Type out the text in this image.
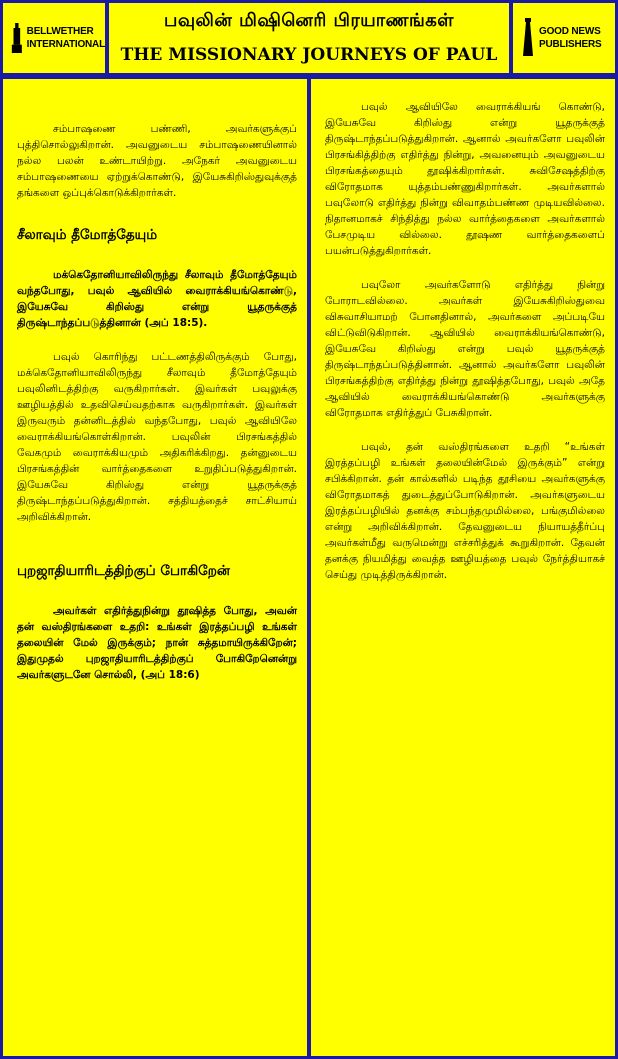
BELLWETHER
INTERNATIONAL
பவுலின் மிஷினெரி பிரயாணங்கள்
THE MISSIONARY JOURNEYS OF PAUL
GOOD NEWS
PUBLISHERS

சம்பாஷணை பண்ணி, அவர்களுக்குப் புத்திசொல்லுகிறான். அவனுடைய சம்பாஷணையினால் நல்ல பலன் உண்டாயிற்று. அநேகர் அவனுடைய சம்பாஷணையை ஏற்றுக்கொண்டு, இயேசுகிறிஸ்துவுக்குத் தங்களை ஒப்புக்கொடுக்கிறார்கள்.

சீலாவும் தீமோத்தேயும்

மக்கெதோனியாவிலிருந்து சீலாவும் தீமோத்தேயும் வந்தபோது, பவுல் ஆவியில் வைராக்கியங்கொண்டு, இயேசுவே கிறிஸ்து என்று யூதருக்குத் திருஷ்டாந்தப்படுத்தினான் (அப் 18:5).

பவுல் கொரிந்து பட்டணத்திலிருக்கும் போது, மக்கெதோனியாவிலிருந்து சீலாவும் தீமோத்தேயும் பவுலினிடத்திற்கு வருகிறார்கள். இவர்கள் பவுலுக்கு ஊழியத்தில் உதவிசெய்வதற்காக வருகிறார்கள். இவர்கள் இருவரும் தன்னிடத்தில் வந்தபோது, பவுல் ஆவியிலே வைராக்கியங்கொள்கிறான். பவுலின் பிரசங்கத்தில் வேகமும் வைராக்கியமும் அதிகரிக்கிறது. தன்னுடைய பிரசங்கத்தின் வார்த்தைகளை உறுதிப்படுத்துகிறான். இயேசுவே கிறிஸ்து என்று யூதருக்குத் திருஷ்டாந்தப்படுத்துகிறான். சத்தியத்தைச் சாட்சியாய் அறிவிக்கிறான்.

புறஜாதியாரிடத்திற்குப் போகிறேன்

அவர்கள் எதிர்த்துநின்று தூஷித்த போது, அவன் தன் வஸ்திரங்களை உதறி: உங்கள் இரத்தப்பழி உங்கள் தலையின் மேல் இருக்கும்; நான் சுத்தமாயிருக்கிறேன்; இதுமுதல் புறஜாதியாரிடத்திற்குப் போகிறேனென்று அவர்களுடனே சொல்லி, (அப் 18:6)

பவுல் ஆவியிலே வைராக்கியங் கொண்டு, இயேசுவே கிறிஸ்து என்று யூதருக்குத் திருஷ்டாந்தப்படுத்துகிறான். ஆனால் அவர்களோ பவுலின் பிரசங்கித்திற்கு எதிர்த்து நின்று, அவனையும் அவனுடைய பிரசங்கத்தையும் தூஷிக்கிறார்கள். சுவிசேஷத்திற்கு விரோதமாக யுத்தம்பண்ணுகிறார்கள். அவர்களால் பவுலோடு எதிர்த்து நின்று விவாதம்பண்ண முடியவில்லை. நிதானமாகச் சிந்தித்து நல்ல வார்த்தைகளை அவர்களால் பேசமுடிய வில்லை. தூஷண வார்த்தைகளைப் பயன்படுத்துகிறார்கள்.

பவுலோ அவர்களோடு எதிர்த்து நின்று போராடவில்லை. அவர்கள் இயேசுகிறிஸ்துவை விசுவாசியாமற் போனதினால், அவர்களை அப்படியே விட்டுவிடுகிறான். ஆவியில் வைராக்கியங்கொண்டு, இயேசுவே கிறிஸ்து என்று பவுல் யூதருக்குத் திருஷ்டாந்தப்படுத்தினான். ஆனால் அவர்களோ பவுலின் பிரசங்கத்திற்கு எதிர்த்து நின்று தூஷித்தபோது, பவுல் அதே ஆவியில் வைராக்கியங்கொண்டு அவர்களுக்கு விரோதமாக எதிர்த்துப் பேசுகிறான்.

பவுல், தன் வஸ்திரங்களை உதறி “உங்கள் இரத்தப்பழி உங்கள் தலையின்மேல் இருக்கும்” என்று சபிக்கிறான். தன் கால்களில் படிந்த தூசியை அவர்களுக்கு விரோதமாகத் துடைத்துப்போடுகிறான். அவர்களுடைய இரத்தப்பழியில் தனக்கு சம்பந்தமுமில்லை, பங்குமில்லை என்று அறிவிக்கிறான். தேவனுடைய நியாயத்தீர்ப்பு அவர்கள்மீது வருமென்று எச்சரித்துக் கூறுகிறான். தேவன் தனக்கு நியமித்து வைத்த ஊழியத்தை பவுல் நேர்த்தியாகச் செய்து முடித்திருக்கிறான்.
